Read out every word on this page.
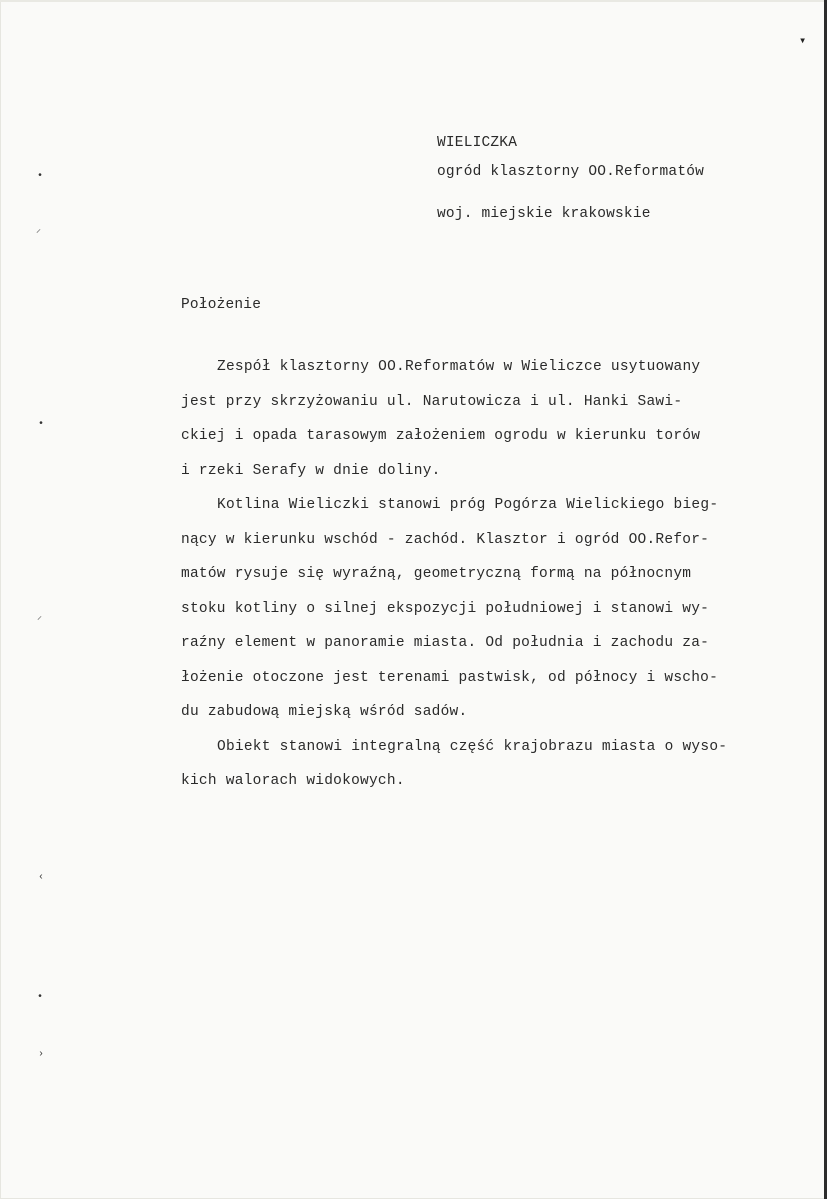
▾
•
⸝
•
⸝
‹
•
›
WIELICZKA
ogród klasztorny OO.Reformatów
woj. miejskie krakowskie
Położenie
Zespół klasztorny OO.Reformatów w Wieliczce usytuowany
jest przy skrzyżowaniu ul. Narutowicza i ul. Hanki Sawi-
ckiej i opada tarasowym założeniem ogrodu w kierunku torów
i rzeki Serafy w dnie doliny.
Kotlina Wieliczki stanowi próg Pogórza Wielickiego bieg-
nący w kierunku wschód - zachód. Klasztor i ogród OO.Refor-
matów rysuje się wyraźną, geometryczną formą na północnym
stoku kotliny o silnej ekspozycji południowej i stanowi wy-
raźny element w panoramie miasta. Od południa i zachodu za-
łożenie otoczone jest terenami pastwisk, od północy i wscho-
du zabudową miejską wśród sadów.
Obiekt stanowi integralną część krajobrazu miasta o wyso-
kich walorach widokowych.
